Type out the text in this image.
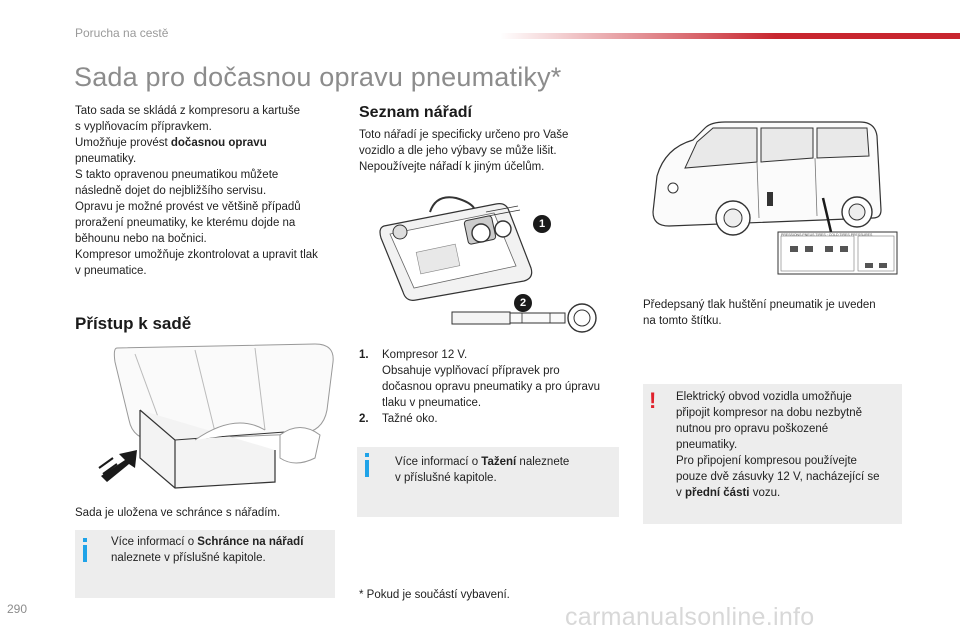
Porucha na cestě
Sada pro dočasnou opravu pneumatiky*

Tato sada se skládá z kompresoru a kartuše

s vyplňovacím přípravkem.

Umožňuje provést dočasnou opravu

pneumatiky.

S takto opravenou pneumatikou můžete

následně dojet do nejbližšího servisu.

Opravu je možné provést ve většině případů

proražení pneumatiky, ke kterému dojde na

běhounu nebo na bočnici.

Kompresor umožňuje zkontrolovat a upravit tlak

v pneumatice.

Seznam nářadí
Toto nářadí je specificky určeno pro Vaše
vozidlo a dle jeho výbavy se může lišit.
Nepoužívejte nářadí k jiným účelům.
1
2
1.	Kompresor 12 V.
Obsahuje vyplňovací přípravek pro
dočasnou opravu pneumatiky a pro úpravu
tlaku v pneumatice.
2.	Tažné oko.
Více informací o Tažení naleznete
v příslušné kapitole.
Přístup k sadě
Sada je uložena ve schránce s nářadím.
Více informací o Schránce na nářadí
naleznete v příslušné kapitole.
PRESSIONS PNEUS TIRES · COLD TIRES PRESSURES
Předepsaný tlak huštění pneumatik je uveden
na tomto štítku.
! Elektrický obvod vozidla umožňuje
připojit kompresor na dobu nezbytně
nutnou pro opravu poškozené
pneumatiky.
Pro připojení kompresou používejte
pouze dvě zásuvky 12 V, nacházející se
v přední části vozu.
* Pokud je součástí vybavení.
290	carmanualsonline.info
